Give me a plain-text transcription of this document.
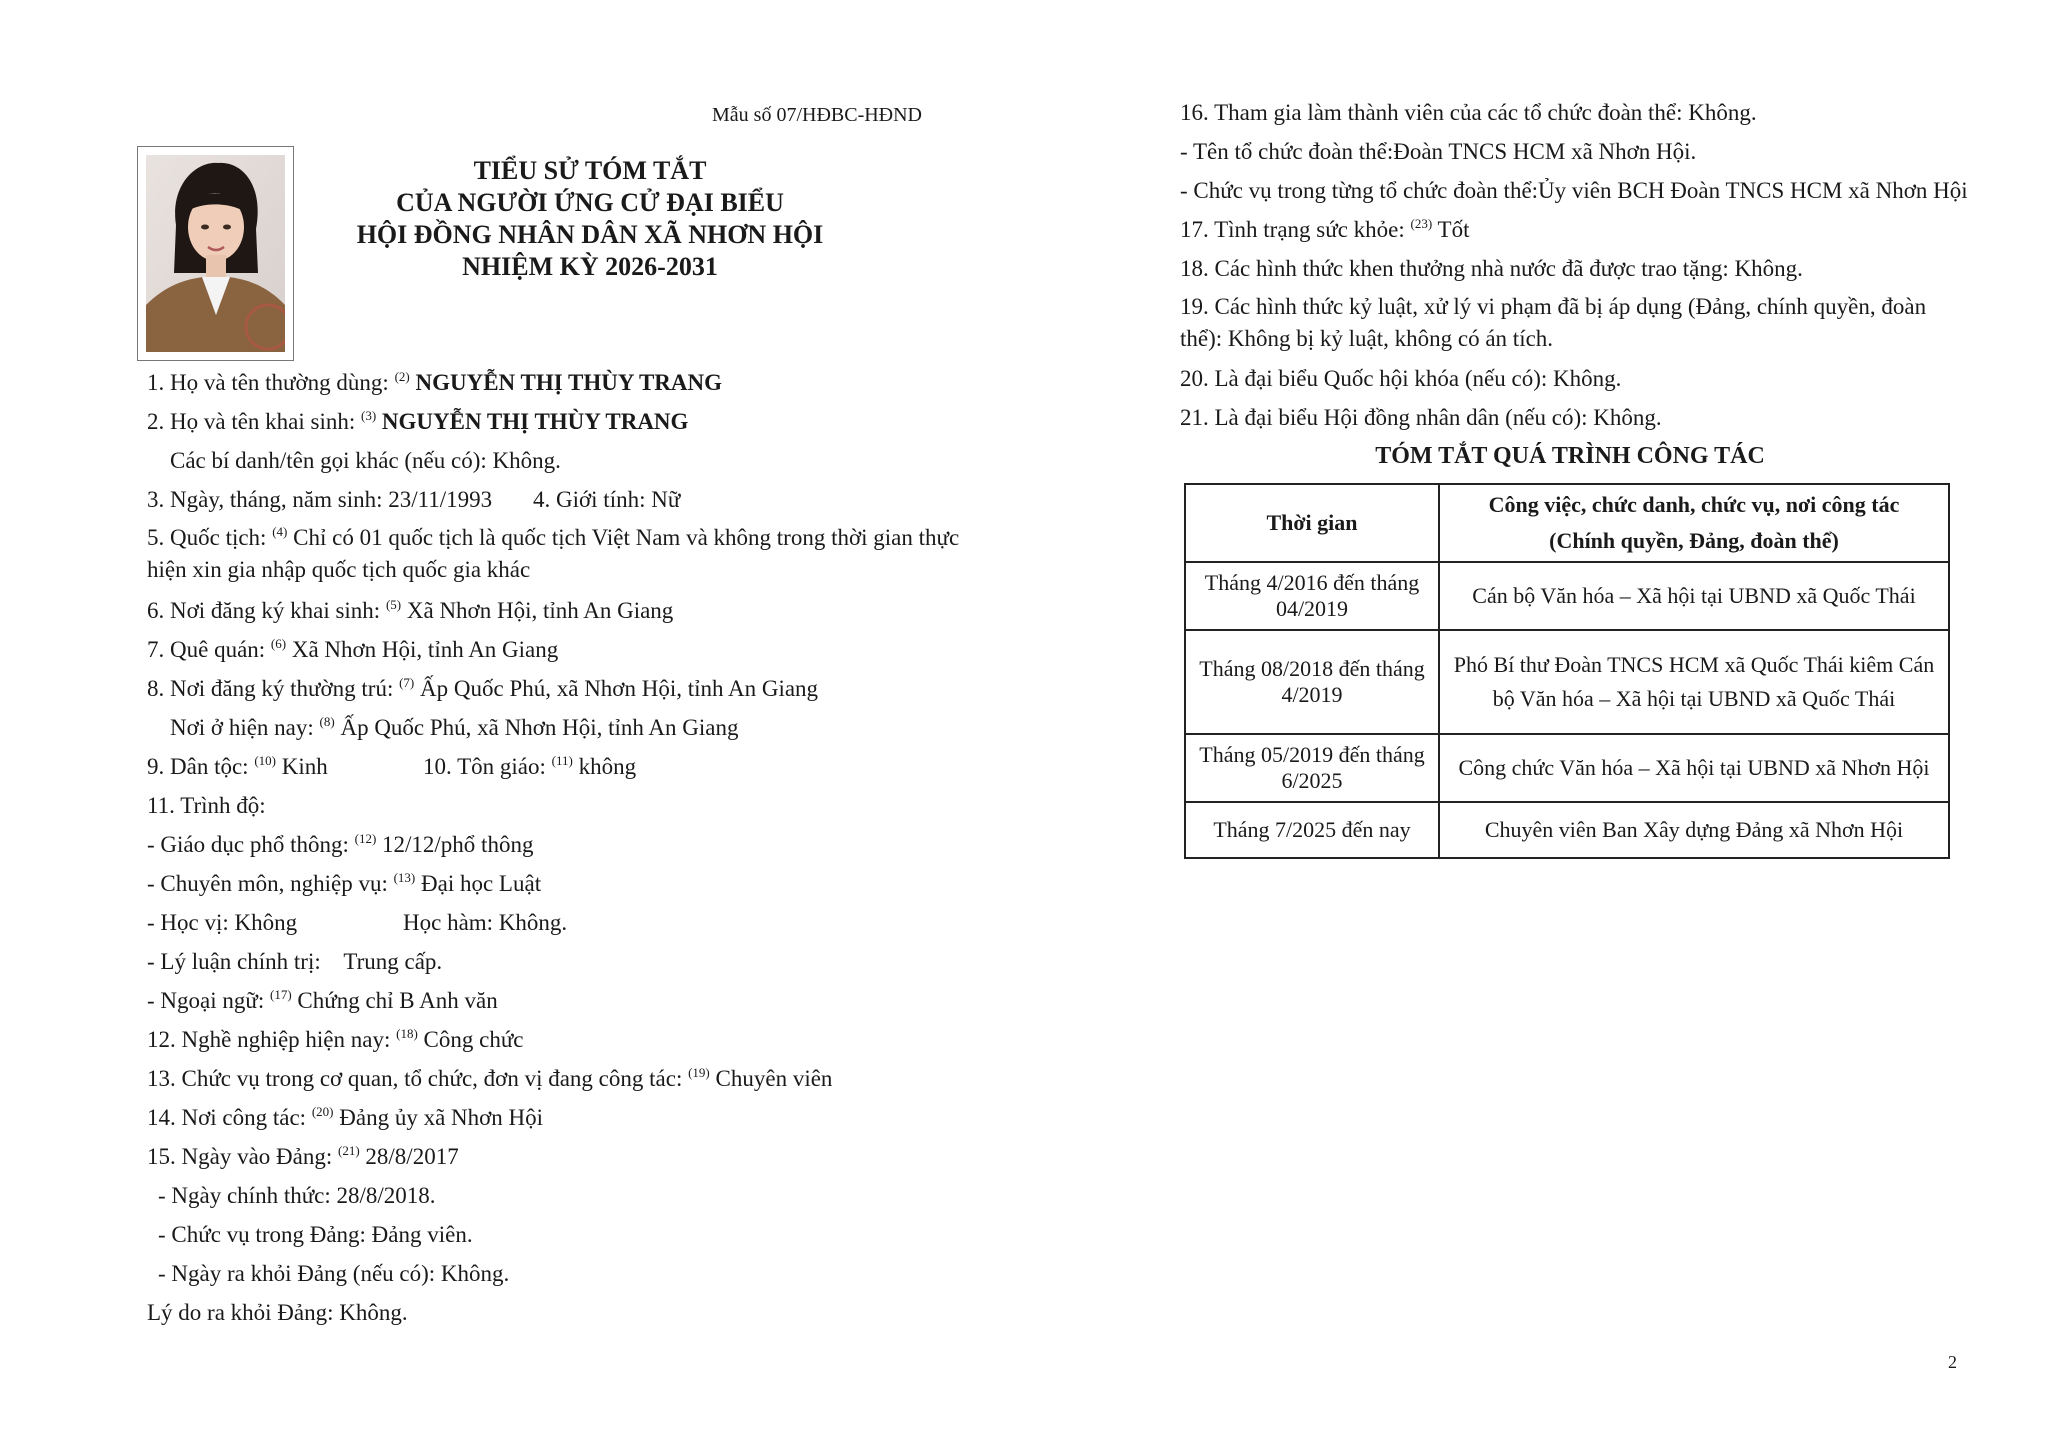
Mẫu số 07/HĐBC-HĐND
TIỂU SỬ TÓM TẮT
CỦA NGƯỜI ỨNG CỬ ĐẠI BIỂU
HỘI ĐỒNG NHÂN DÂN XÃ NHƠN HỘI
NHIỆM KỲ 2026-2031
1. Họ và tên thường dùng: $^{(2)}$ NGUYỄN THỊ THÙY TRANG
2. Họ và tên khai sinh: $^{(3)}$ NGUYỄN THỊ THÙY TRANG
Các bí danh/tên gọi khác (nếu có): Không.
3. Ngày, tháng, năm sinh: 23/11/1993 4. Giới tính: Nữ
5. Quốc tịch: $^{(4)}$ Chỉ có 01 quốc tịch là quốc tịch Việt Nam và không trong thời gian thực hiện xin gia nhập quốc tịch quốc gia khác
6. Nơi đăng ký khai sinh: $^{(5)}$ Xã Nhơn Hội, tỉnh An Giang
7. Quê quán: $^{(6)}$ Xã Nhơn Hội, tỉnh An Giang
8. Nơi đăng ký thường trú: $^{(7)}$ Ấp Quốc Phú, xã Nhơn Hội, tỉnh An Giang
Nơi ở hiện nay: $^{(8)}$ Ấp Quốc Phú, xã Nhơn Hội, tỉnh An Giang
9. Dân tộc: $^{(10)}$ Kinh	10. Tôn giáo: $^{(11)}$ không
11. Trình độ:
- Giáo dục phổ thông: $^{(12)}$ 12/12/phổ thông
- Chuyên môn, nghiệp vụ: $^{(13)}$ Đại học Luật
- Học vị: Không	Học hàm: Không.
- Lý luận chính trị: Trung cấp.
- Ngoại ngữ: $^{(17)}$ Chứng chỉ B Anh văn
12. Nghề nghiệp hiện nay: $^{(18)}$ Công chức
13. Chức vụ trong cơ quan, tổ chức, đơn vị đang công tác: $^{(19)}$ Chuyên viên
14. Nơi công tác: $^{(20)}$ Đảng ủy xã Nhơn Hội
15. Ngày vào Đảng: $^{(21)}$ 28/8/2017
- Ngày chính thức: 28/8/2018.
- Chức vụ trong Đảng: Đảng viên.
- Ngày ra khỏi Đảng (nếu có): Không.
Lý do ra khỏi Đảng: Không.
16. Tham gia làm thành viên của các tổ chức đoàn thể: Không.
- Tên tổ chức đoàn thể:Đoàn TNCS HCM xã Nhơn Hội.
- Chức vụ trong từng tổ chức đoàn thể:Ủy viên BCH Đoàn TNCS HCM xã Nhơn Hội
17. Tình trạng sức khỏe: $^{(23)}$ Tốt
18. Các hình thức khen thưởng nhà nước đã được trao tặng: Không.
19. Các hình thức kỷ luật, xử lý vi phạm đã bị áp dụng (Đảng, chính quyền, đoàn thể): Không bị kỷ luật, không có án tích.
20. Là đại biểu Quốc hội khóa (nếu có): Không.
21. Là đại biểu Hội đồng nhân dân (nếu có): Không.
TÓM TẮT QUÁ TRÌNH CÔNG TÁC
Thời gian	Công việc, chức danh, chức vụ, nơi công tác
(Chính quyền, Đảng, đoàn thể)

Tháng 4/2016 đến tháng 04/2019	Cán bộ Văn hóa – Xã hội tại UBND xã Quốc Thái
Tháng 08/2018 đến tháng 4/2019	Phó Bí thư Đoàn TNCS HCM xã Quốc Thái kiêm Cán bộ Văn hóa – Xã hội tại UBND xã Quốc Thái
Tháng 05/2019 đến tháng 6/2025	Công chức Văn hóa – Xã hội tại UBND xã Nhơn Hội
Tháng 7/2025 đến nay	Chuyên viên Ban Xây dựng Đảng xã Nhơn Hội
2
